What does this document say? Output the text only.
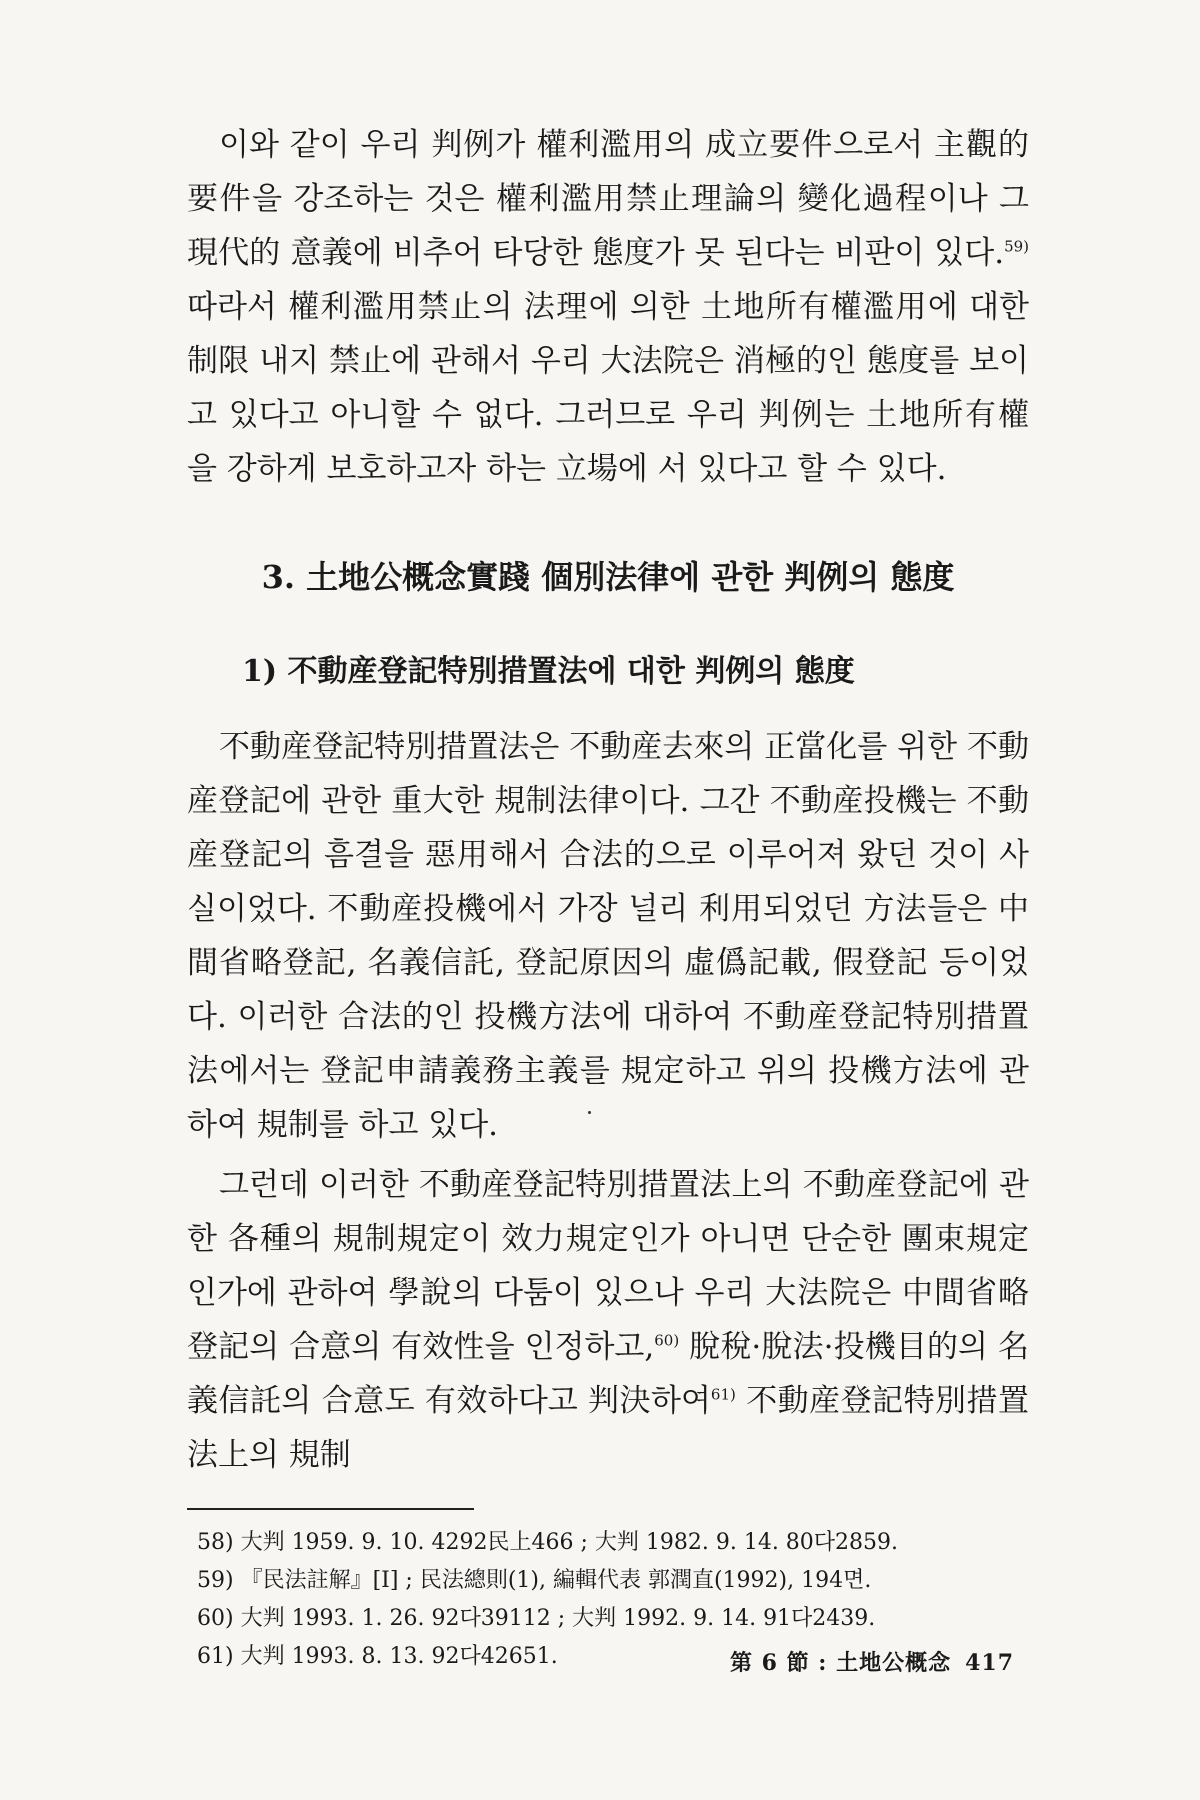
이와 같이 우리 判例가 權利濫用의 成立要件으로서 主觀的 要件을 강조하는 것은 權利濫用禁止理論의 變化過程이나 그 現代的 意義에 비추어 타당한 態度가 못 된다는 비판이 있다.$^{59)}$ 따라서 權利濫用禁止의 法理에 의한 土地所有權濫用에 대한 制限 내지 禁止에 관해서 우리 大法院은 消極的인 態度를 보이고 있다고 아니할 수 없다. 그러므로 우리 判例는 土地所有權을 강하게 보호하고자 하는 立場에 서 있다고 할 수 있다.

3. 土地公概念實踐 個別法律에 관한 判例의 態度
1) 不動産登記特別措置法에 대한 判例의 態度

不動産登記特別措置法은 不動産去來의 正當化를 위한 不動産登記에 관한 重大한 規制法律이다. 그간 不動産投機는 不動産登記의 흠결을 惡用해서 合法的으로 이루어져 왔던 것이 사실이었다. 不動産投機에서 가장 널리 利用되었던 方法들은 中間省略登記, 名義信託, 登記原因의 虛僞記載, 假登記 등이었다. 이러한 合法的인 投機方法에 대하여 不動産登記特別措置法에서는 登記申請義務主義를 規定하고 위의 投機方法에 관하여 規制를 하고 있다.

그런데 이러한 不動産登記特別措置法上의 不動産登記에 관한 各種의 規制規定이 效力規定인가 아니면 단순한 團束規定인가에 관하여 學說의 다툼이 있으나 우리 大法院은 中間省略登記의 合意의 有效性을 인정하고,$^{60)}$ 脫稅·脫法·投機目的의 名義信託의 合意도 有效하다고 判決하여$^{61)}$ 不動産登記特別措置法上의 規制

58) 大判 1959. 9. 10. 4292民上466 ; 大判 1982. 9. 14. 80다2859.
59) 『民法註解』[Ⅰ] ; 民法總則(1), 編輯代表 郭潤直(1992), 194면.
60) 大判 1993. 1. 26. 92다39112 ; 大判 1992. 9. 14. 91다2439.
61) 大判 1993. 8. 13. 92다42651.	第 6 節 : 土地公概念 417
